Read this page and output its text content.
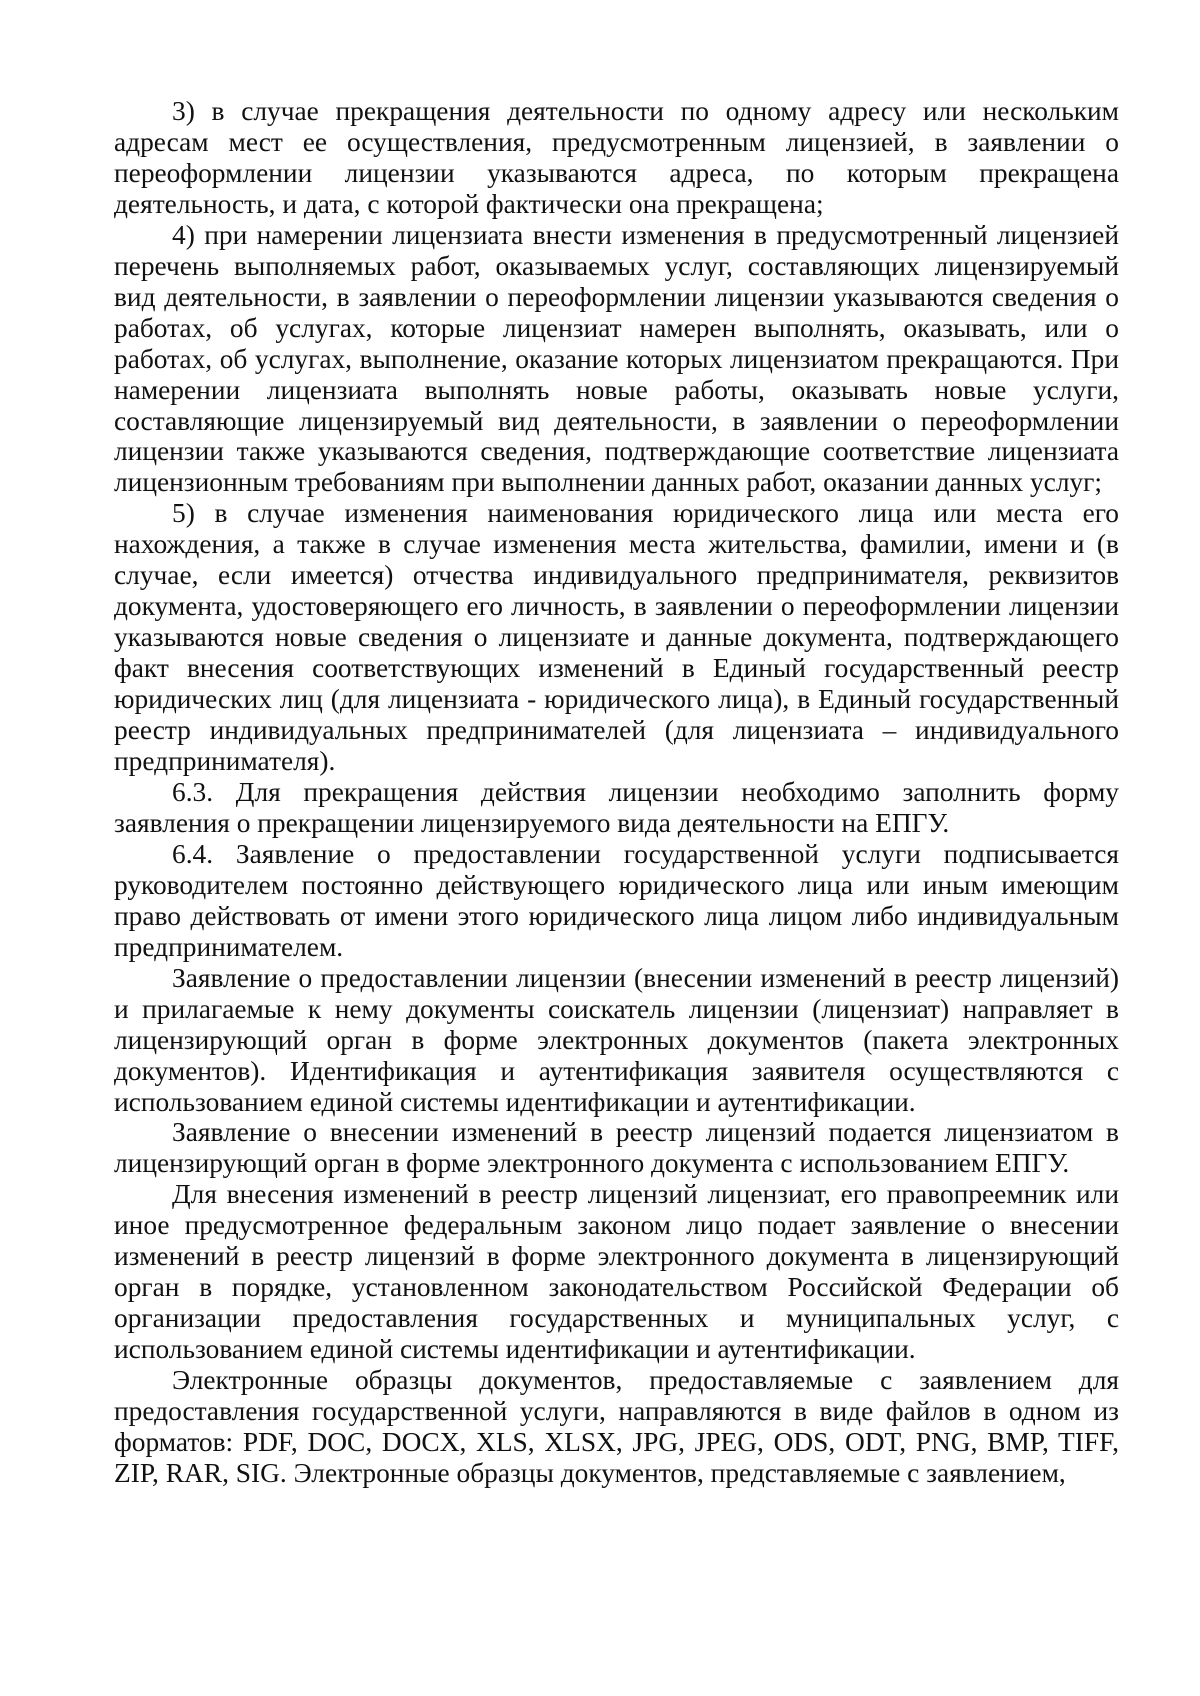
3) в случае прекращения деятельности по одному адресу или нескольким адресам мест ее осуществления, предусмотренным лицензией, в заявлении о переоформлении лицензии указываются адреса, по которым прекращена деятельность, и дата, с которой фактически она прекращена;

4) при намерении лицензиата внести изменения в предусмотренный лицензией перечень выполняемых работ, оказываемых услуг, составляющих лицензируемый вид деятельности, в заявлении о переоформлении лицензии указываются сведения о работах, об услугах, которые лицензиат намерен выполнять, оказывать, или о работах, об услугах, выполнение, оказание которых лицензиатом прекращаются. При намерении лицензиата выполнять новые работы, оказывать новые услуги, составляющие лицензируемый вид деятельности, в заявлении о переоформлении лицензии также указываются сведения, подтверждающие соответствие лицензиата лицензионным требованиям при выполнении данных работ, оказании данных услуг;

5) в случае изменения наименования юридического лица или места его нахождения, а также в случае изменения места жительства, фамилии, имени и (в случае, если имеется) отчества индивидуального предпринимателя, реквизитов документа, удостоверяющего его личность, в заявлении о переоформлении лицензии указываются новые сведения о лицензиате и данные документа, подтверждающего факт внесения соответствующих изменений в Единый государственный реестр юридических лиц (для лицензиата - юридического лица), в Единый государственный реестр индивидуальных предпринимателей (для лицензиата – индивидуального предпринимателя).

6.3. Для прекращения действия лицензии необходимо заполнить форму заявления о прекращении лицензируемого вида деятельности на ЕПГУ.

6.4. Заявление о предоставлении государственной услуги подписывается руководителем постоянно действующего юридического лица или иным имеющим право действовать от имени этого юридического лица лицом либо индивидуальным предпринимателем.

Заявление о предоставлении лицензии (внесении изменений в реестр лицензий) и прилагаемые к нему документы соискатель лицензии (лицензиат) направляет в лицензирующий орган в форме электронных документов (пакета электронных документов). Идентификация и аутентификация заявителя осуществляются с использованием единой системы идентификации и аутентификации.

Заявление о внесении изменений в реестр лицензий подается лицензиатом в лицензирующий орган в форме электронного документа с использованием ЕПГУ.

Для внесения изменений в реестр лицензий лицензиат, его правопреемник или иное предусмотренное федеральным законом лицо подает заявление о внесении изменений в реестр лицензий в форме электронного документа в лицензирующий орган в порядке, установленном законодательством Российской Федерации об организации предоставления государственных и муниципальных услуг, с использованием единой системы идентификации и аутентификации.

Электронные образцы документов, предоставляемые с заявлением для предоставления государственной услуги, направляются в виде файлов в одном из форматов: PDF, DOC, DOCX, XLS, XLSX, JPG, JPEG, ODS, ODT, PNG, BMP, TIFF, ZIP, RAR, SIG. Электронные образцы документов, представляемые с заявлением,
